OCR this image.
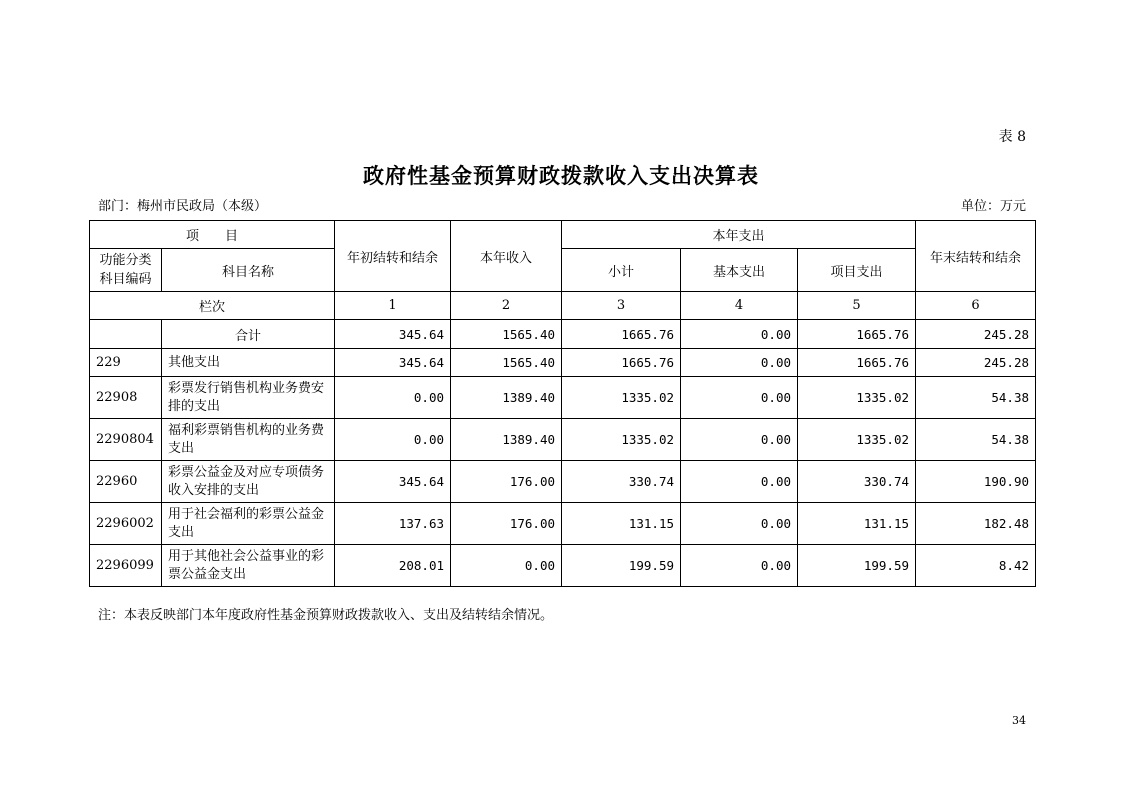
表 8
政府性基金预算财政拨款收入支出决算表
部门：梅州市民政局（本级）	单位：万元
项　　目		年初结转和结余	本年收入	本年支出			年末结转和结余
功能分类
科目编码	科目名称			小计	基本支出	项目支出	
栏次		1	2	3	4	5	6
	合计	345.64	1565.40	1665.76	0.00	1665.76	245.28
229	其他支出	345.64	1565.40	1665.76	0.00	1665.76	245.28
22908	彩票发行销售机构业务费安排的支出	0.00	1389.40	1335.02	0.00	1335.02	54.38
2290804	福利彩票销售机构的业务费支出	0.00	1389.40	1335.02	0.00	1335.02	54.38
22960	彩票公益金及对应专项债务收入安排的支出	345.64	176.00	330.74	0.00	330.74	190.90
2296002	用于社会福利的彩票公益金支出	137.63	176.00	131.15	0.00	131.15	182.48
2296099	用于其他社会公益事业的彩票公益金支出	208.01	0.00	199.59	0.00	199.59	8.42
注：本表反映部门本年度政府性基金预算财政拨款收入、支出及结转结余情况。
34
